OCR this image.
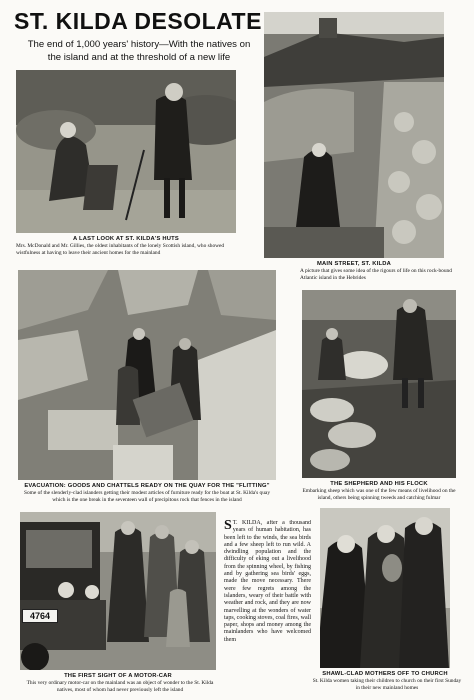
ST. KILDA DESOLATE
The end of 1,000 years' history—With the natives on the island and at the threshold of a new life
A LAST LOOK AT ST. KILDA'S HUTS
Mrs. McDonald and Mr. Gillies, the oldest inhabitants of the lonely Scottish island, who showed wistfulness at having to leave their ancient homes for the mainland
MAIN STREET, ST. KILDA
A picture that gives some idea of the rigours of life on this rock-bound Atlantic island in the Hebrides
EVACUATION: GOODS AND CHATTELS READY ON THE QUAY FOR THE "FLITTING"
Some of the slenderly-clad islanders getting their modest articles of furniture ready for the boat at St. Kilda's quay which is the one break in the seventeen wall of precipitous rock that fences in the island
THE SHEPHERD AND HIS FLOCK
Embarking sheep which was one of the few means of livelihood on the island, others being spinning tweeds and catching fulmar
4764
THE FIRST SIGHT OF A MOTOR-CAR
This very ordinary motor-car on the mainland was an object of wonder to the St. Kilda natives, most of whom had never previously left the island
S T. KILDA, after a thousand years of human habitation, has been left to the winds, the sea birds and a few sheep left to run wild. A dwindling population and the difficulty of eking out a livelihood from the spinning wheel, by fishing and by gathering sea birds' eggs, made the move necessary. There were few regrets among the islanders, weary of their battle with weather and rock, and they are now marvelling at the wonders of water taps, cooking stoves, coal fires, wall paper, shops and money among the mainlanders who have welcomed them
SHAWL-CLAD MOTHERS OFF TO CHURCH
St. Kilda women taking their children to church on their first Sunday in their new mainland homes
